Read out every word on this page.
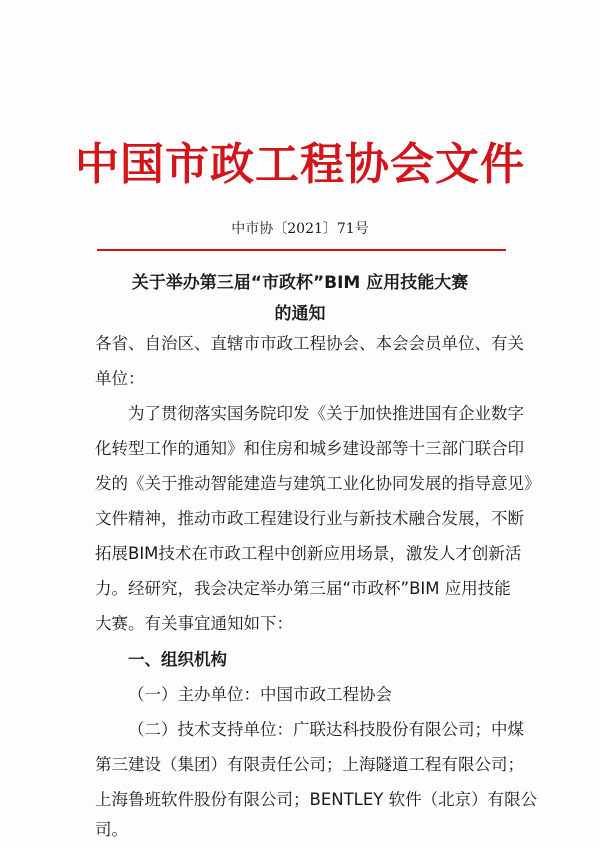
中国市政工程协会文件
中市协〔2021〕71号
关于举办第三届“市政杯”BIM 应用技能大赛
的通知
各省、自治区、直辖市市政工程协会、本会会员单位、有关
单位：
为了贯彻落实国务院印发《关于加快推进国有企业数字
化转型工作的通知》和住房和城乡建设部等十三部门联合印
发的《关于推动智能建造与建筑工业化协同发展的指导意见》
文件精神，推动市政工程建设行业与新技术融合发展，不断
拓展BIM技术在市政工程中创新应用场景，激发人才创新活
力。经研究，我会决定举办第三届“市政杯”BIM 应用技能
大赛。有关事宜通知如下：
一、组织机构
（一）主办单位：中国市政工程协会
（二）技术支持单位：广联达科技股份有限公司；中煤
第三建设（集团）有限责任公司；上海隧道工程有限公司；
上海鲁班软件股份有限公司；BENTLEY 软件（北京）有限公
司。
